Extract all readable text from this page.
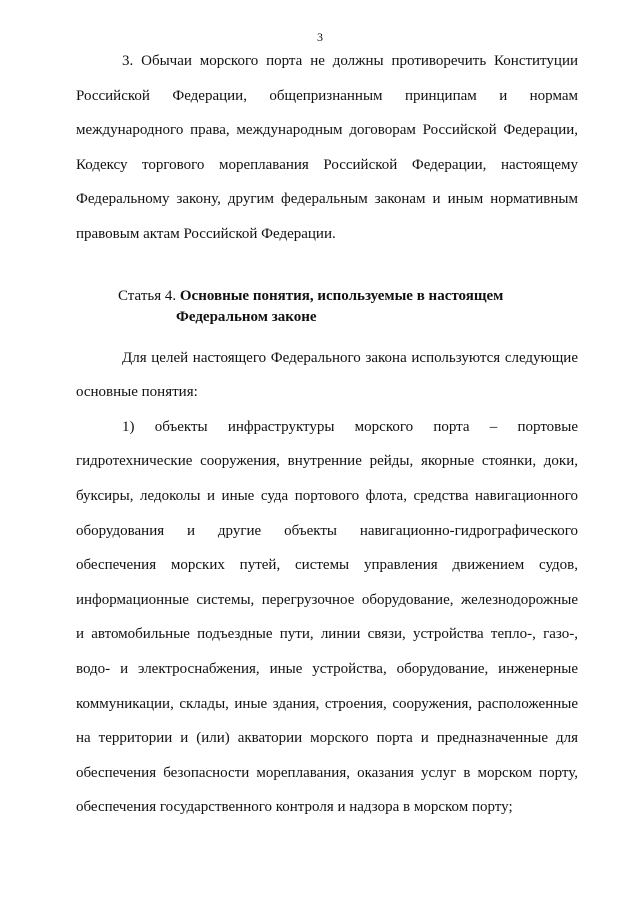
3
3. Обычаи морского порта не должны противоречить Конституции
Российской Федерации, общепризнанным принципам и нормам
международного права, международным договорам Российской Федерации,
Кодексу торгового мореплавания Российской Федерации, настоящему
Федеральному закону, другим федеральным законам и иным нормативным
правовым актам Российской Федерации.
Статья 4. Основные понятия, используемые в настоящем
Федеральном законе
Для целей настоящего Федерального закона используются следующие
основные понятия:
1) объекты инфраструктуры морского порта – портовые
гидротехнические сооружения, внутренние рейды, якорные стоянки, доки,
буксиры, ледоколы и иные суда портового флота, средства навигационного
оборудования и другие объекты навигационно-гидрографического
обеспечения морских путей, системы управления движением судов,
информационные системы, перегрузочное оборудование, железнодорожные
и автомобильные подъездные пути, линии связи, устройства тепло-, газо-,
водо- и электроснабжения, иные устройства, оборудование, инженерные
коммуникации, склады, иные здания, строения, сооружения, расположенные
на территории и (или) акватории морского порта и предназначенные для
обеспечения безопасности мореплавания, оказания услуг в морском порту,
обеспечения государственного контроля и надзора в морском порту;
